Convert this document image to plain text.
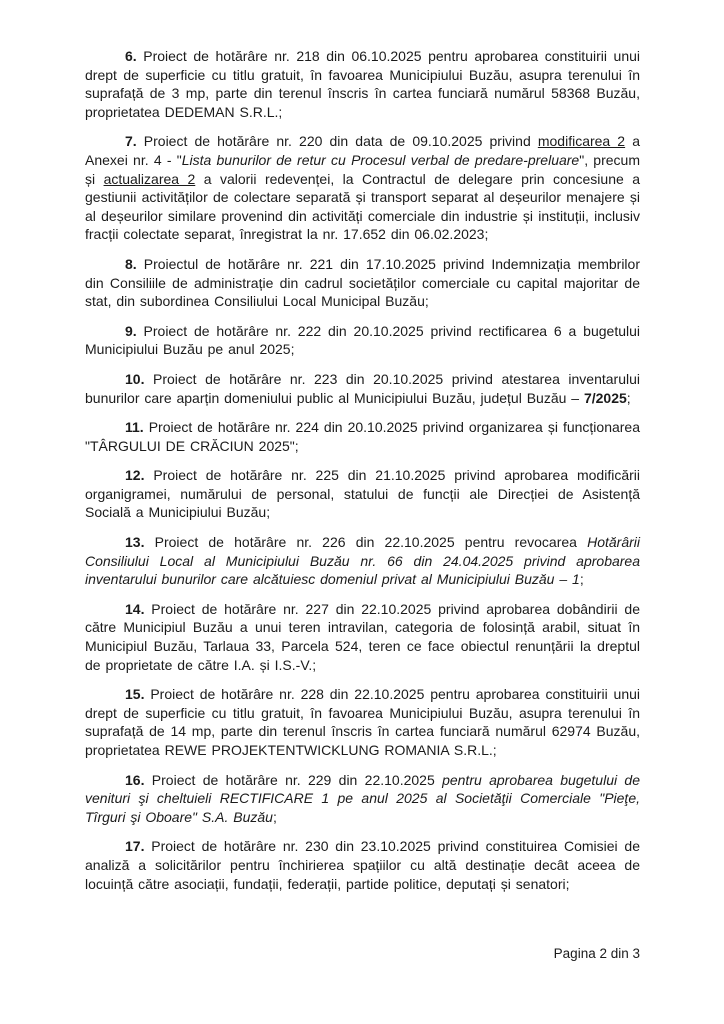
6. Proiect de hotărâre nr. 218 din 06.10.2025 pentru aprobarea constituirii unui drept de superficie cu titlu gratuit, în favoarea Municipiului Buzău, asupra terenului în suprafață de 3 mp, parte din terenul înscris în cartea funciară numărul 58368 Buzău, proprietatea DEDEMAN S.R.L.;

7. Proiect de hotărâre nr. 220 din data de 09.10.2025 privind modificarea 2 a Anexei nr. 4 - "Lista bunurilor de retur cu Procesul verbal de predare-preluare", precum și actualizarea 2 a valorii redevenței, la Contractul de delegare prin concesiune a gestiunii activităților de colectare separată și transport separat al deșeurilor menajere și al deșeurilor similare provenind din activități comerciale din industrie și instituții, inclusiv fracții colectate separat, înregistrat la nr. 17.652 din 06.02.2023;

8. Proiectul de hotărâre nr. 221 din 17.10.2025 privind Indemnizația membrilor din Consiliile de administrație din cadrul societăților comerciale cu capital majoritar de stat, din subordinea Consiliului Local Municipal Buzău;

9. Proiect de hotărâre nr. 222 din 20.10.2025 privind rectificarea 6 a bugetului Municipiului Buzău pe anul 2025;

10. Proiect de hotărâre nr. 223 din 20.10.2025 privind atestarea inventarului bunurilor care aparțin domeniului public al Municipiului Buzău, județul Buzău – 7/2025;

11. Proiect de hotărâre nr. 224 din 20.10.2025 privind organizarea și funcționarea "TÂRGULUI DE CRĂCIUN 2025";

12. Proiect de hotărâre nr. 225 din 21.10.2025 privind aprobarea modificării organigramei, numărului de personal, statului de funcții ale Direcției de Asistență Socială a Municipiului Buzău;

13. Proiect de hotărâre nr. 226 din 22.10.2025 pentru revocarea Hotărârii Consiliului Local al Municipiului Buzău nr. 66 din 24.04.2025 privind aprobarea inventarului bunurilor care alcătuiesc domeniul privat al Municipiului Buzău – 1;

14. Proiect de hotărâre nr. 227 din 22.10.2025 privind aprobarea dobândirii de către Municipiul Buzău a unui teren intravilan, categoria de folosință arabil, situat în Municipiul Buzău, Tarlaua 33, Parcela 524, teren ce face obiectul renunțării la dreptul de proprietate de către I.A. și I.S.-V.;

15. Proiect de hotărâre nr. 228 din 22.10.2025 pentru aprobarea constituirii unui drept de superficie cu titlu gratuit, în favoarea Municipiului Buzău, asupra terenului în suprafață de 14 mp, parte din terenul înscris în cartea funciară numărul 62974 Buzău, proprietatea REWE PROJEKTENTWICKLUNG ROMANIA S.R.L.;

16. Proiect de hotărâre nr. 229 din 22.10.2025 pentru aprobarea bugetului de venituri şi cheltuieli RECTIFICARE 1 pe anul 2025 al Societăţii Comerciale "Pieţe, Tîrguri şi Oboare" S.A. Buzău;

17. Proiect de hotărâre nr. 230 din 23.10.2025 privind constituirea Comisiei de analiză a solicitărilor pentru închirierea spațiilor cu altă destinație decât aceea de locuință către asociații, fundații, federații, partide politice, deputați și senatori;

Pagina 2 din 3
